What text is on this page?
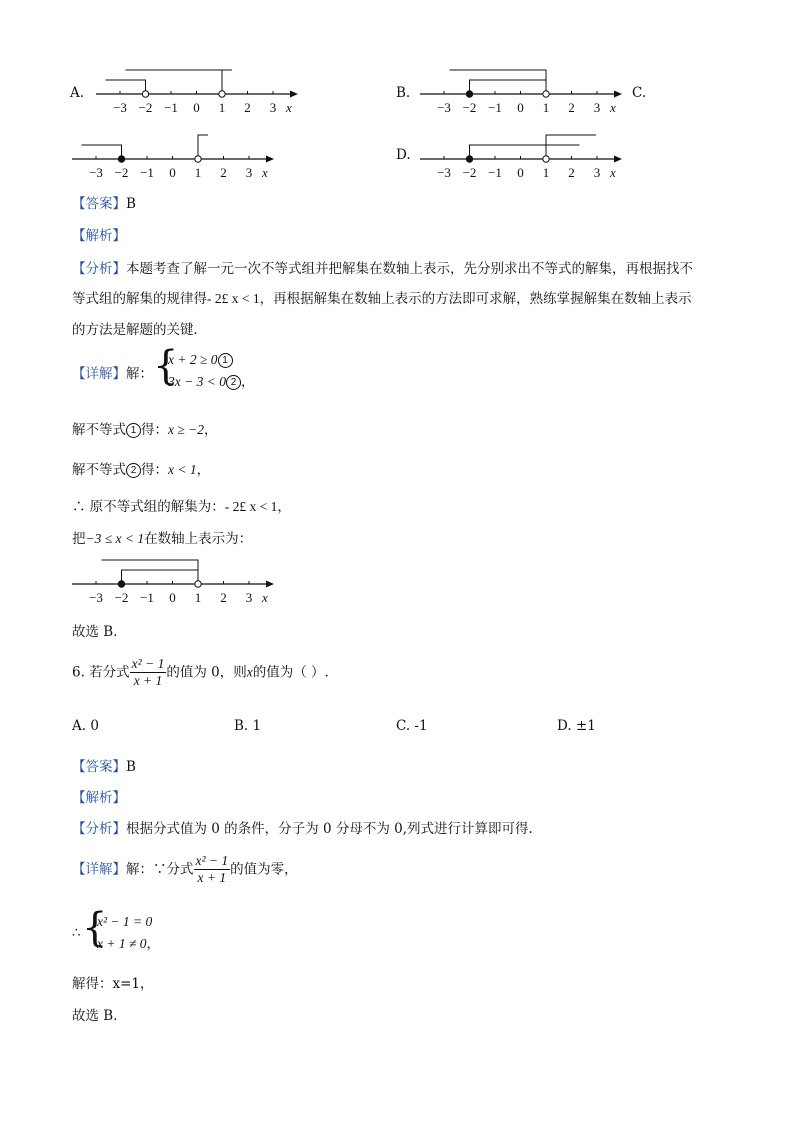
A.
−3 −2 −1 0 1 2 3 x
B.
−3 −2 −1 0 1 2 3 x
C.
−3 −2 −1 0 1 2 3 x
D.
−3 −2 −1 0 1 2 3 x
【答案】B
【解析】
【分析】本题考查了解一元一次不等式组并把解集在数轴上表示，先分别求出不等式的解集，再根据找不
等式组的解集的规律得- 2£ x < 1，再根据解集在数轴上表示的方法即可求解，熟练掌握解集在数轴上表示
的方法是解题的关键．
【详解】解： {
x + 2 ≥ 0 1
3x − 3 < 0 2 ，
解不等式 1 得：x ≥ −2，
解不等式 2 得：x < 1，
∴ 原不等式组的解集为：- 2£ x < 1，
把−3 ≤ x < 1在数轴上表示为：
−3 −2 −1 0 1 2 3 x
故选 B．
6. 若分式 $\frac{\text{x² − 1}}{x + 1}$ 的值为 0，则x的值为（ ）.
A. 0	B. 1	C. -1	D. ±1
【答案】B
【解析】
【分析】根据分式值为 0 的条件，分子为 0 分母不为 0,列式进行计算即可得.
【详解】解：∵分式 $\frac{\text{x² − 1}}{x + 1}$ 的值为零，
∴ {
x² − 1 = 0
x + 1 ≠ 0，
解得：x=1，
故选 B．
